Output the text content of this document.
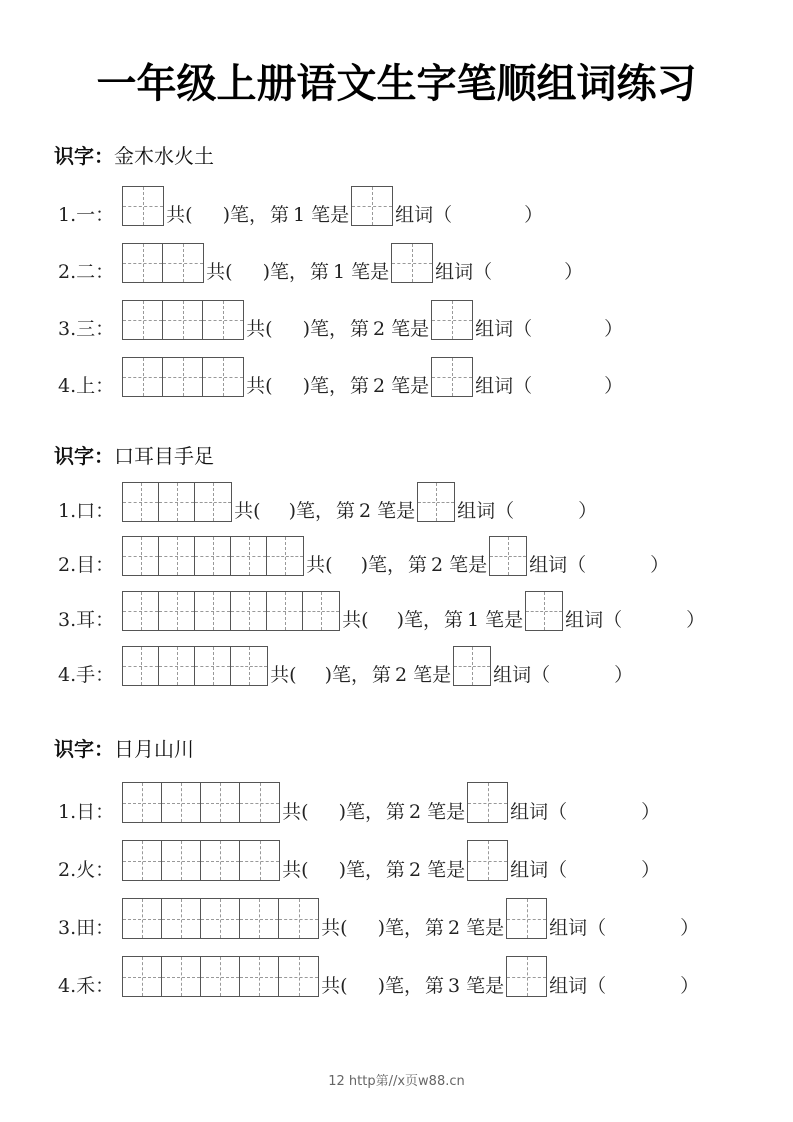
一年级上册语文生字笔顺组词练习
识字：金木水火土
1.一：	共( )笔， 第 1 笔是 组词（	）
2.二：	共( )笔， 第 1 笔是 组词（	）
3.三：	共( )笔， 第 2 笔是 组词（	）
4.上：	共( )笔， 第 2 笔是 组词（	）
识字：口耳目手足
1.口：	共( )笔， 第 2 笔是 组词（	）
2.目：	共( )笔， 第 2 笔是 组词（	）
3.耳：	共( )笔， 第 1 笔是 组词（	）
4.手：	共( )笔， 第 2 笔是 组词（	）
识字：日月山川
1.日：	共( )笔， 第 2 笔是 组词（	）
2.火：	共( )笔， 第 2 笔是 组词（	）
3.田：	共( )笔， 第 2 笔是 组词（	）
4.禾：	共( )笔， 第 3 笔是 组词（	）
12 http第//x页w88.cn
